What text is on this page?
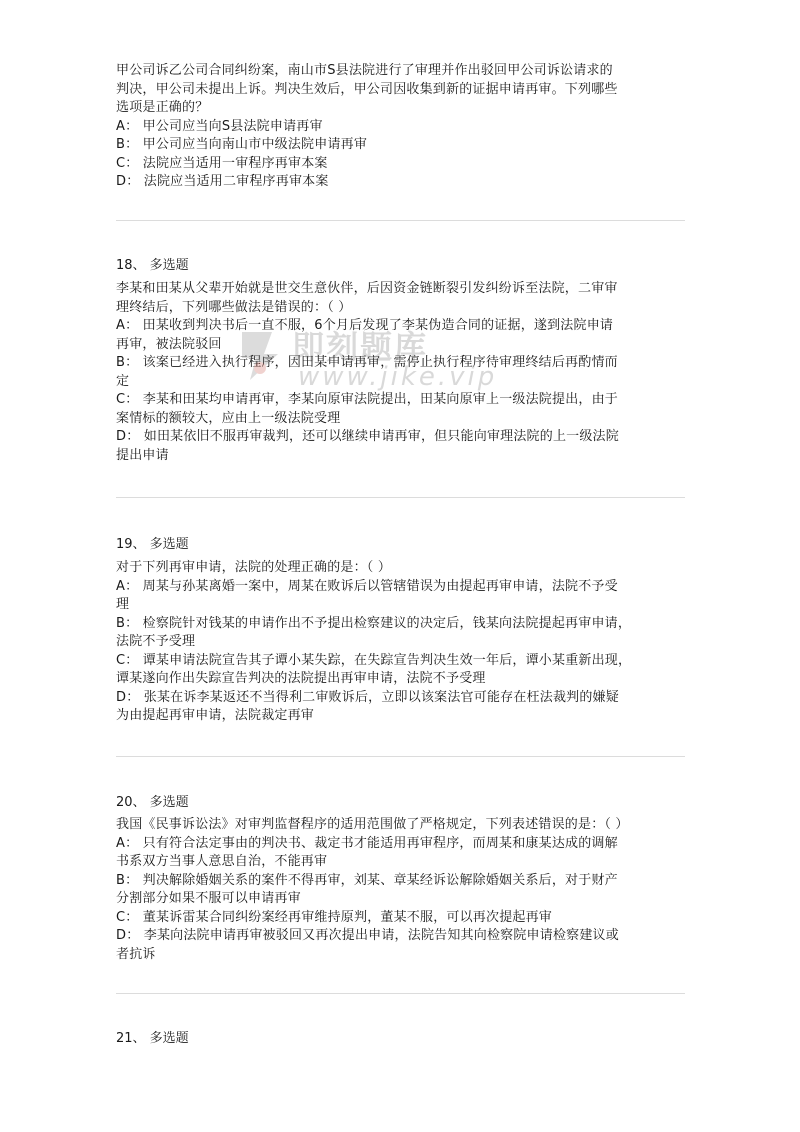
甲公司诉乙公司合同纠纷案，南山市S县法院进行了审理并作出驳回甲公司诉讼请求的
判决，甲公司未提出上诉。判决生效后，甲公司因收集到新的证据申请再审。下列哪些
选项是正确的？
A： 甲公司应当向S县法院申请再审
B： 甲公司应当向南山市中级法院申请再审
C： 法院应当适用一审程序再审本案
D： 法院应当适用二审程序再审本案
18、 多选题
李某和田某从父辈开始就是世交生意伙伴，后因资金链断裂引发纠纷诉至法院，二审审
理终结后，下列哪些做法是错误的：（ ）
A： 田某收到判决书后一直不服，6个月后发现了李某伪造合同的证据，遂到法院申请
再审，被法院驳回
B： 该案已经进入执行程序，因田某申请再审，需停止执行程序待审理终结后再酌情而
定
C： 李某和田某均申请再审，李某向原审法院提出，田某向原审上一级法院提出，由于
案情标的额较大，应由上一级法院受理
D： 如田某依旧不服再审裁判，还可以继续申请再审，但只能向审理法院的上一级法院
提出申请
19、 多选题
对于下列再审申请，法院的处理正确的是：（ ）
A： 周某与孙某离婚一案中，周某在败诉后以管辖错误为由提起再审申请，法院不予受
理
B： 检察院针对钱某的申请作出不予提出检察建议的决定后，钱某向法院提起再审申请，
法院不予受理
C： 谭某申请法院宣告其子谭小某失踪，在失踪宣告判决生效一年后，谭小某重新出现，
谭某遂向作出失踪宣告判决的法院提出再审申请，法院不予受理
D： 张某在诉李某返还不当得利二审败诉后，立即以该案法官可能存在枉法裁判的嫌疑
为由提起再审申请，法院裁定再审
20、 多选题
我国《民事诉讼法》对审判监督程序的适用范围做了严格规定，下列表述错误的是：（ ）
A： 只有符合法定事由的判决书、裁定书才能适用再审程序，而周某和康某达成的调解
书系双方当事人意思自治，不能再审
B： 判决解除婚姻关系的案件不得再审，刘某、章某经诉讼解除婚姻关系后，对于财产
分割部分如果不服可以申请再审
C： 董某诉雷某合同纠纷案经再审维持原判，董某不服，可以再次提起再审
D： 李某向法院申请再审被驳回又再次提出申请，法院告知其向检察院申请检察建议或
者抗诉
21、 多选题
即刻题库
www.jike.vip
